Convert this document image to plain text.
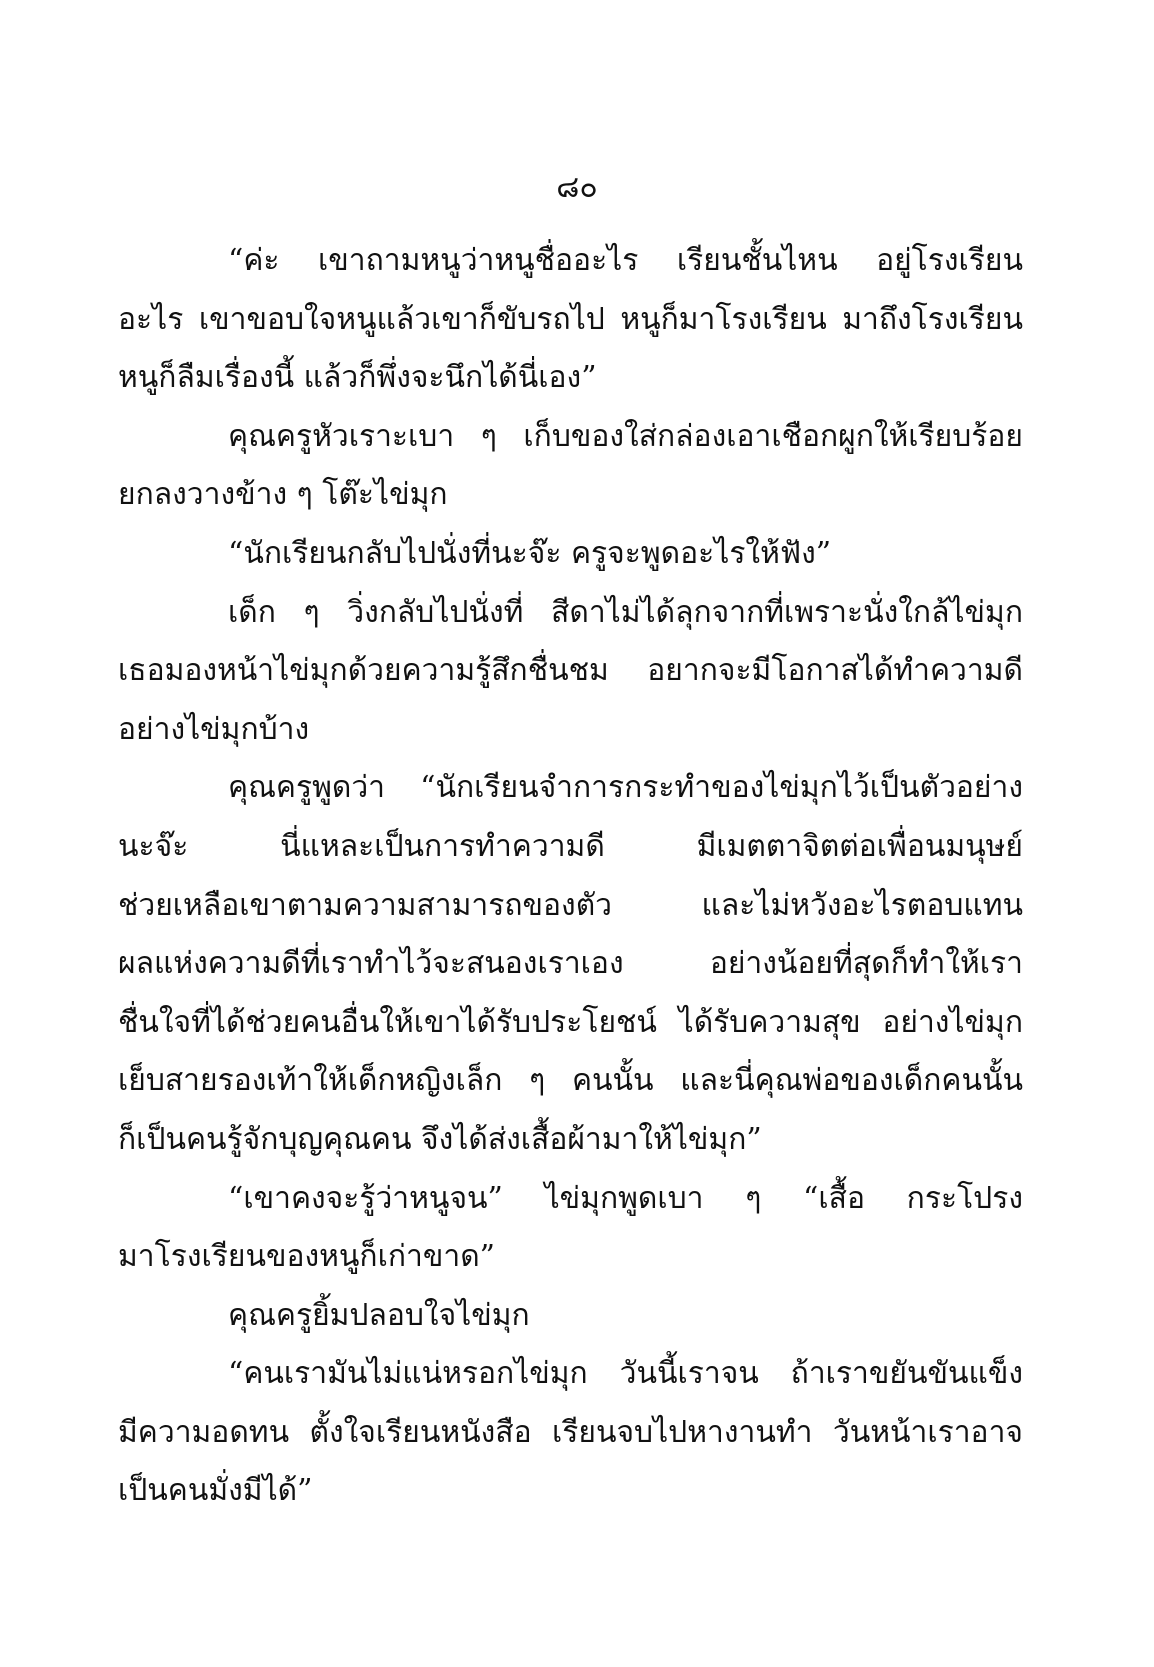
๘๐
“ค่ะ เขาถามหนูว่าหนูชื่ออะไร เรียนชั้นไหน อยู่โรงเรียน
อะไร เขาขอบใจหนูแล้วเขาก็ขับรถไป หนูก็มาโรงเรียน มาถึงโรงเรียน
หนูก็ลืมเรื่องนี้ แล้วก็พึ่งจะนึกได้นี่เอง”
คุณครูหัวเราะเบา ๆ เก็บของใส่กล่องเอาเชือกผูกให้เรียบร้อย
ยกลงวางข้าง ๆ โต๊ะไข่มุก
“นักเรียนกลับไปนั่งที่นะจ๊ะ ครูจะพูดอะไรให้ฟัง”
เด็ก ๆ วิ่งกลับไปนั่งที่ สีดาไม่ได้ลุกจากที่เพราะนั่งใกล้ไข่มุก
เธอมองหน้าไข่มุกด้วยความรู้สึกชื่นชม อยากจะมีโอกาสได้ทำความดี
อย่างไข่มุกบ้าง
คุณครูพูดว่า “นักเรียนจำการกระทำของไข่มุกไว้เป็นตัวอย่าง
นะจ๊ะ นี่แหละเป็นการทำความดี มีเมตตาจิตต่อเพื่อนมนุษย์
ช่วยเหลือเขาตามความสามารถของตัว และไม่หวังอะไรตอบแทน
ผลแห่งความดีที่เราทำไว้จะสนองเราเอง อย่างน้อยที่สุดก็ทำให้เรา
ชื่นใจที่ได้ช่วยคนอื่นให้เขาได้รับประโยชน์ ได้รับความสุข อย่างไข่มุก
เย็บสายรองเท้าให้เด็กหญิงเล็ก ๆ คนนั้น และนี่คุณพ่อของเด็กคนนั้น
ก็เป็นคนรู้จักบุญคุณคน จึงได้ส่งเสื้อผ้ามาให้ไข่มุก”
“เขาคงจะรู้ว่าหนูจน” ไข่มุกพูดเบา ๆ “เสื้อ กระโปรง
มาโรงเรียนของหนูก็เก่าขาด”
คุณครูยิ้มปลอบใจไข่มุก
“คนเรามันไม่แน่หรอกไข่มุก วันนี้เราจน ถ้าเราขยันขันแข็ง
มีความอดทน ตั้งใจเรียนหนังสือ เรียนจบไปหางานทำ วันหน้าเราอาจ
เป็นคนมั่งมีได้”
